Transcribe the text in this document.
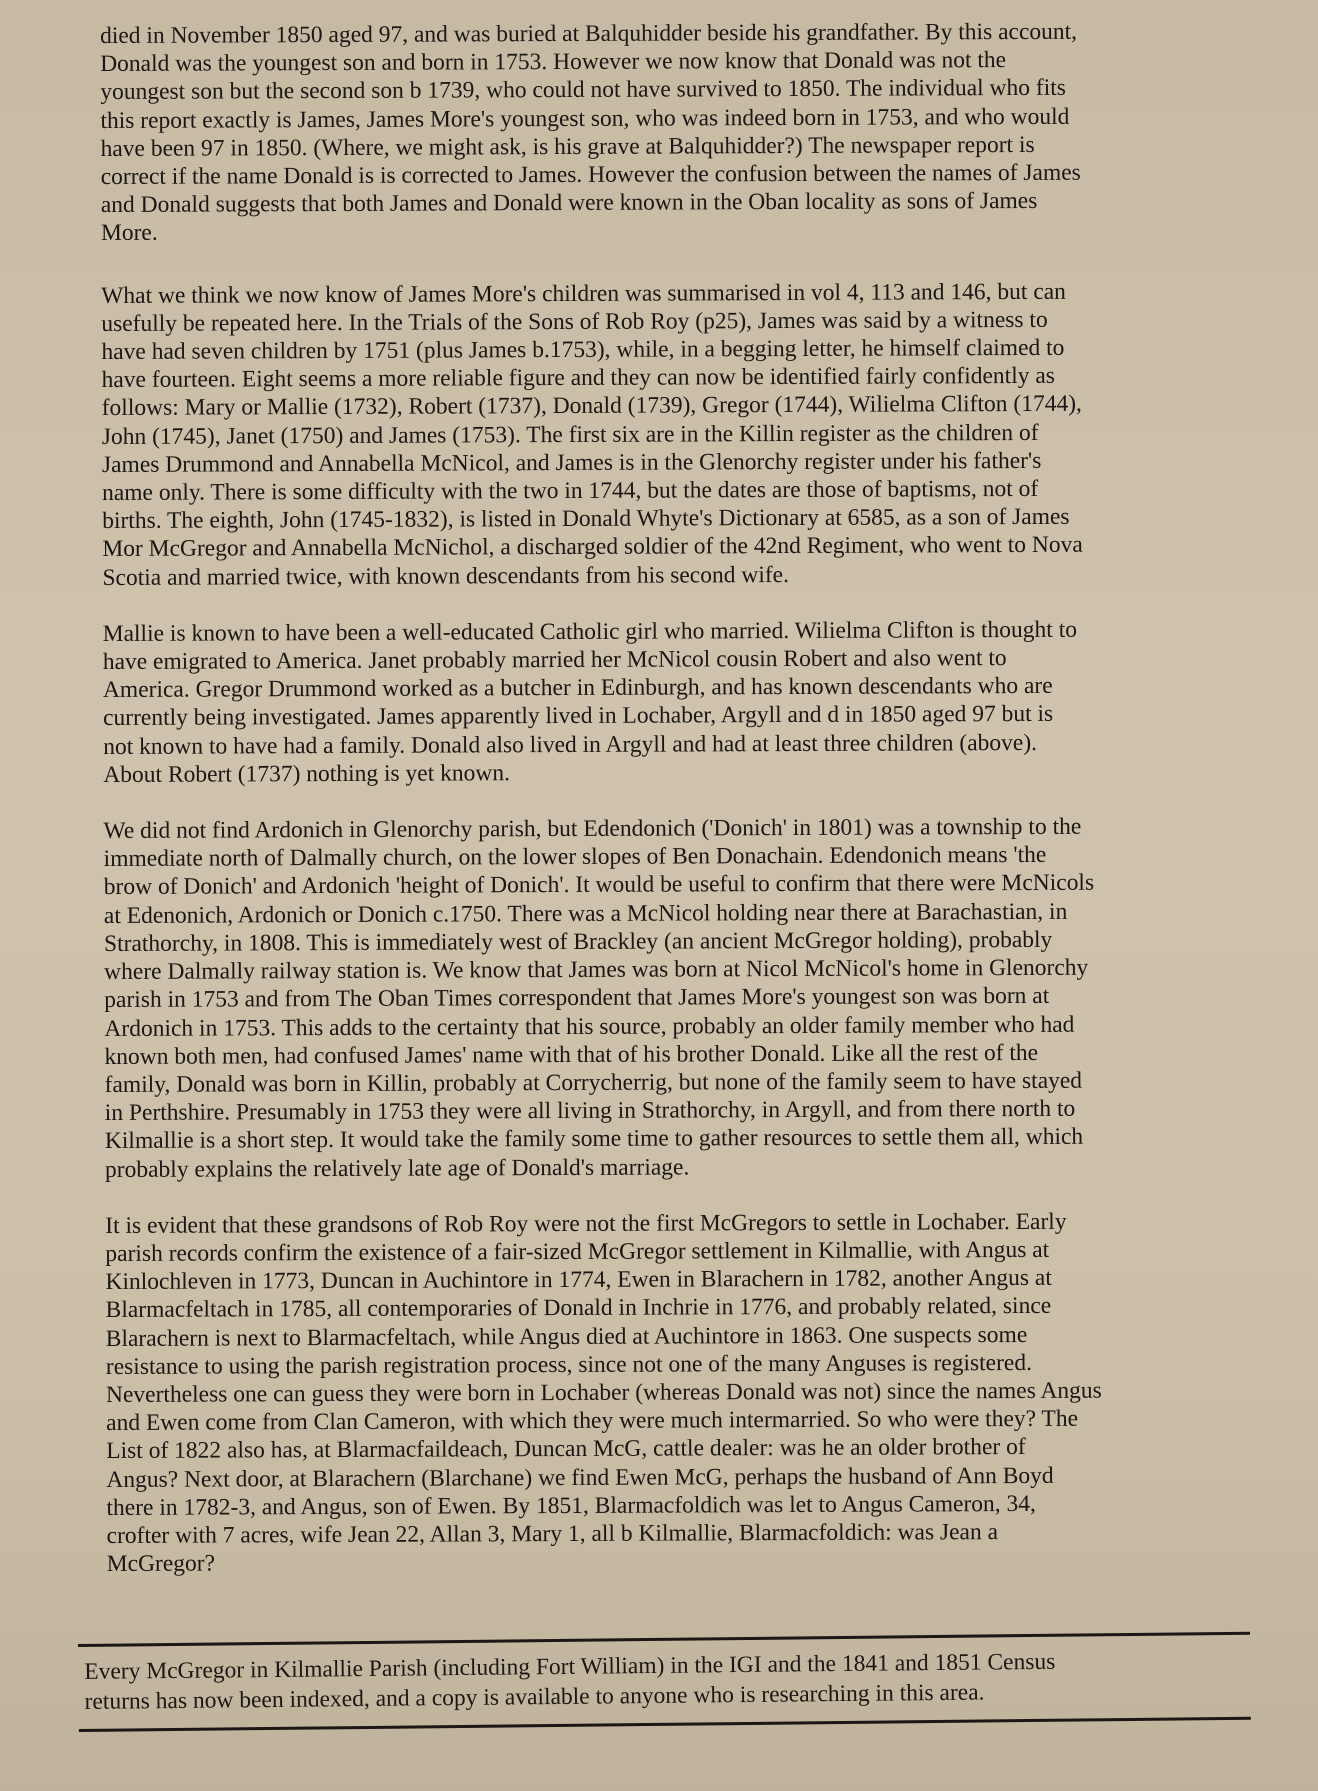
died in November 1850 aged 97, and was buried at Balquhidder beside his grandfather. By this account,
Donald was the youngest son and born in 1753. However we now know that Donald was not the
youngest son but the second son b 1739, who could not have survived to 1850. The individual who fits
this report exactly is James, James More's youngest son, who was indeed born in 1753, and who would
have been 97 in 1850. (Where, we might ask, is his grave at Balquhidder?) The newspaper report is
correct if the name Donald is is corrected to James. However the confusion between the names of James
and Donald suggests that both James and Donald were known in the Oban locality as sons of James
More.
What we think we now know of James More's children was summarised in vol 4, 113 and 146, but can
usefully be repeated here. In the Trials of the Sons of Rob Roy (p25), James was said by a witness to
have had seven children by 1751 (plus James b.1753), while, in a begging letter, he himself claimed to
have fourteen. Eight seems a more reliable figure and they can now be identified fairly confidently as
follows: Mary or Mallie (1732), Robert (1737), Donald (1739), Gregor (1744), Wilielma Clifton (1744),
John (1745), Janet (1750) and James (1753). The first six are in the Killin register as the children of
James Drummond and Annabella McNicol, and James is in the Glenorchy register under his father's
name only. There is some difficulty with the two in 1744, but the dates are those of baptisms, not of
births. The eighth, John (1745-1832), is listed in Donald Whyte's Dictionary at 6585, as a son of James
Mor McGregor and Annabella McNichol, a discharged soldier of the 42nd Regiment, who went to Nova
Scotia and married twice, with known descendants from his second wife.
Mallie is known to have been a well-educated Catholic girl who married. Wilielma Clifton is thought to
have emigrated to America. Janet probably married her McNicol cousin Robert and also went to
America. Gregor Drummond worked as a butcher in Edinburgh, and has known descendants who are
currently being investigated. James apparently lived in Lochaber, Argyll and d in 1850 aged 97 but is
not known to have had a family. Donald also lived in Argyll and had at least three children (above).
About Robert (1737) nothing is yet known.
We did not find Ardonich in Glenorchy parish, but Edendonich ('Donich' in 1801) was a township to the
immediate north of Dalmally church, on the lower slopes of Ben Donachain. Edendonich means 'the
brow of Donich' and Ardonich 'height of Donich'. It would be useful to confirm that there were McNicols
at Edenonich, Ardonich or Donich c.1750. There was a McNicol holding near there at Barachastian, in
Strathorchy, in 1808. This is immediately west of Brackley (an ancient McGregor holding), probably
where Dalmally railway station is. We know that James was born at Nicol McNicol's home in Glenorchy
parish in 1753 and from The Oban Times correspondent that James More's youngest son was born at
Ardonich in 1753. This adds to the certainty that his source, probably an older family member who had
known both men, had confused James' name with that of his brother Donald. Like all the rest of the
family, Donald was born in Killin, probably at Corrycherrig, but none of the family seem to have stayed
in Perthshire. Presumably in 1753 they were all living in Strathorchy, in Argyll, and from there north to
Kilmallie is a short step. It would take the family some time to gather resources to settle them all, which
probably explains the relatively late age of Donald's marriage.
It is evident that these grandsons of Rob Roy were not the first McGregors to settle in Lochaber. Early
parish records confirm the existence of a fair-sized McGregor settlement in Kilmallie, with Angus at
Kinlochleven in 1773, Duncan in Auchintore in 1774, Ewen in Blarachern in 1782, another Angus at
Blarmacfeltach in 1785, all contemporaries of Donald in Inchrie in 1776, and probably related, since
Blarachern is next to Blarmacfeltach, while Angus died at Auchintore in 1863. One suspects some
resistance to using the parish registration process, since not one of the many Anguses is registered.
Nevertheless one can guess they were born in Lochaber (whereas Donald was not) since the names Angus
and Ewen come from Clan Cameron, with which they were much intermarried. So who were they? The
List of 1822 also has, at Blarmacfaildeach, Duncan McG, cattle dealer: was he an older brother of
Angus? Next door, at Blarachern (Blarchane) we find Ewen McG, perhaps the husband of Ann Boyd
there in 1782-3, and Angus, son of Ewen. By 1851, Blarmacfoldich was let to Angus Cameron, 34,
crofter with 7 acres, wife Jean 22, Allan 3, Mary 1, all b Kilmallie, Blarmacfoldich: was Jean a
McGregor?
Every McGregor in Kilmallie Parish (including Fort William) in the IGI and the 1841 and 1851 Census
returns has now been indexed, and a copy is available to anyone who is researching in this area.
